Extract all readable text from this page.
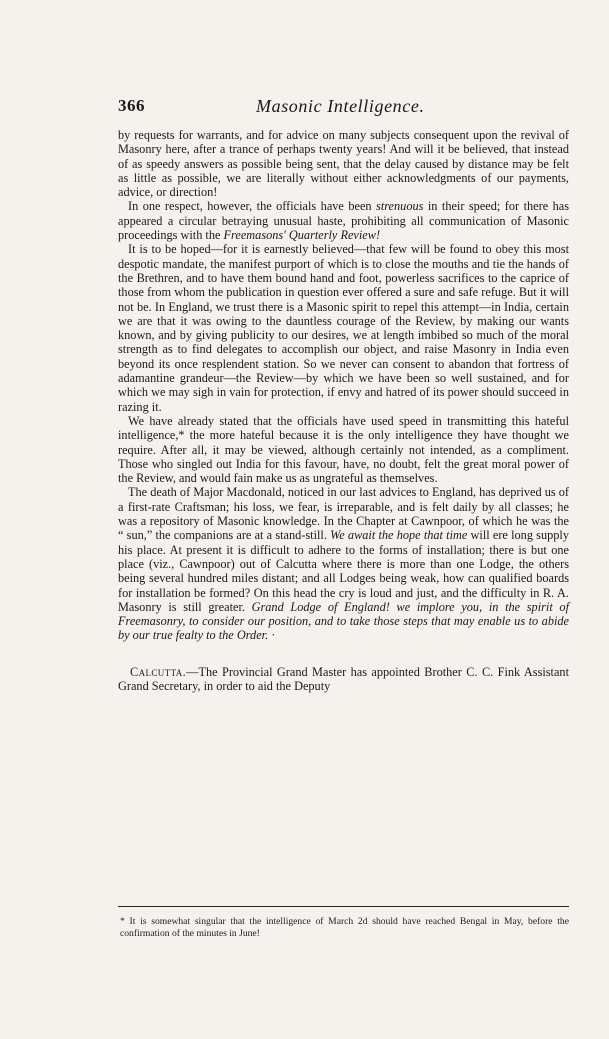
366	Masonic Intelligence.

by requests for warrants, and for advice on many subjects consequent upon the revival of Masonry here, after a trance of perhaps twenty years! And will it be believed, that instead of as speedy answers as possible being sent, that the delay caused by distance may be felt as little as possible, we are literally without either acknowledgments of our payments, advice, or direction!

In one respect, however, the officials have been strenuous in their speed; for there has appeared a circular betraying unusual haste, prohibiting all communication of Masonic proceedings with the Freemasons' Quarterly Review!

It is to be hoped—for it is earnestly believed—that few will be found to obey this most despotic mandate, the manifest purport of which is to close the mouths and tie the hands of the Brethren, and to have them bound hand and foot, powerless sacrifices to the caprice of those from whom the publication in question ever offered a sure and safe refuge. But it will not be. In England, we trust there is a Masonic spirit to repel this attempt—in India, certain we are that it was owing to the dauntless courage of the Review, by making our wants known, and by giving publicity to our desires, we at length imbibed so much of the moral strength as to find delegates to accomplish our object, and raise Masonry in India even beyond its once resplendent station. So we never can consent to abandon that fortress of adamantine grandeur—the Review—by which we have been so well sustained, and for which we may sigh in vain for protection, if envy and hatred of its power should succeed in razing it.

We have already stated that the officials have used speed in transmitting this hateful intelligence,* the more hateful because it is the only intelligence they have thought we require. After all, it may be viewed, although certainly not intended, as a compliment. Those who singled out India for this favour, have, no doubt, felt the great moral power of the Review, and would fain make us as ungrateful as themselves.

The death of Major Macdonald, noticed in our last advices to England, has deprived us of a first-rate Craftsman; his loss, we fear, is irreparable, and is felt daily by all classes; he was a repository of Masonic knowledge. In the Chapter at Cawnpoor, of which he was the “ sun,” the companions are at a stand-still. We await the hope that time will ere long supply his place. At present it is difficult to adhere to the forms of installation; there is but one place (viz., Cawnpoor) out of Calcutta where there is more than one Lodge, the others being several hundred miles distant; and all Lodges being weak, how can qualified boards for installation be formed? On this head the cry is loud and just, and the difficulty in R. A. Masonry is still greater. Grand Lodge of England! we implore you, in the spirit of Freemasonry, to consider our position, and to take those steps that may enable us to abide by our true fealty to the Order. ·

Calcutta.—The Provincial Grand Master has appointed Brother C. C. Fink Assistant Grand Secretary, in order to aid the Deputy

* It is somewhat singular that the intelligence of March 2d should have reached Bengal in May, before the confirmation of the minutes in June!
